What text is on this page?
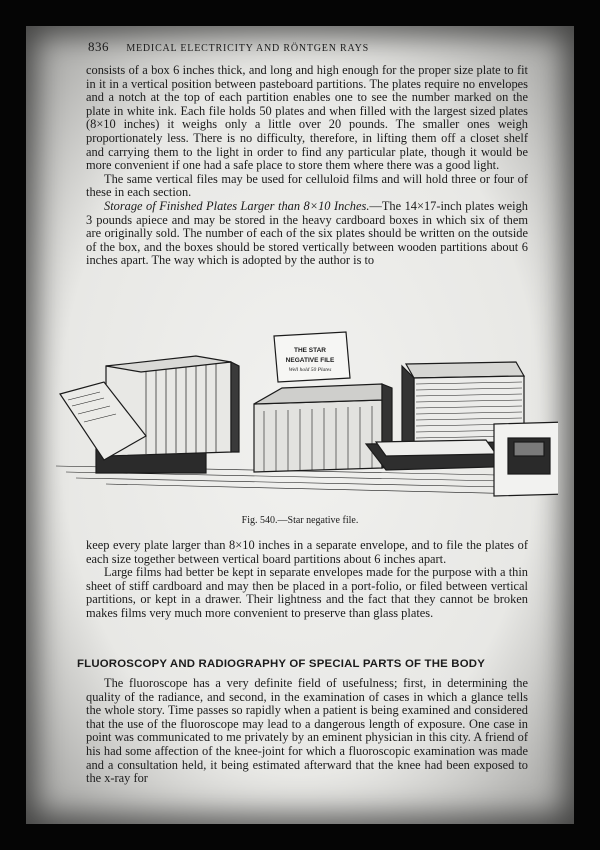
836 MEDICAL ELECTRICITY AND RÖNTGEN RAYS

consists of a box 6 inches thick, and long and high enough for the proper size plate to fit in it in a vertical position between pasteboard partitions. The plates require no envelopes and a notch at the top of each partition enables one to see the number marked on the plate in white ink. Each file holds 50 plates and when filled with the largest sized plates (8×10 inches) it weighs only a little over 20 pounds. The smaller ones weigh proportionately less. There is no difficulty, therefore, in lifting them off a closet shelf and carrying them to the light in order to find any particular plate, though it would be more convenient if one had a safe place to store them where there was a good light.

The same vertical files may be used for celluloid films and will hold three or four of these in each section.

Storage of Finished Plates Larger than 8×10 Inches.—The 14×17-inch plates weigh 3 pounds apiece and may be stored in the heavy cardboard boxes in which six of them are originally sold. The number of each of the six plates should be written on the outside of the box, and the boxes should be stored vertically between wooden partitions about 6 inches apart. The way which is adopted by the author is to

THE STAR
NEGATIVE FILE
Well hold 50 Plates
Fig. 540.—Star negative file.

keep every plate larger than 8×10 inches in a separate envelope, and to file the plates of each size together between vertical board partitions about 6 inches apart.

Large films had better be kept in separate envelopes made for the purpose with a thin sheet of stiff cardboard and may then be placed in a port-folio, or filed between vertical partitions, or kept in a drawer. Their lightness and the fact that they cannot be broken makes films very much more convenient to preserve than glass plates.

FLUOROSCOPY AND RADIOGRAPHY OF SPECIAL PARTS OF THE BODY

The fluoroscope has a very definite field of usefulness; first, in determining the quality of the radiance, and second, in the examination of cases in which a glance tells the whole story. Time passes so rapidly when a patient is being examined and considered that the use of the fluoroscope may lead to a dangerous length of exposure. One case in point was communicated to me privately by an eminent physician in this city. A friend of his had some affection of the knee-joint for which a fluoroscopic examination was made and a consultation held, it being estimated afterward that the knee had been exposed to the x-ray for
